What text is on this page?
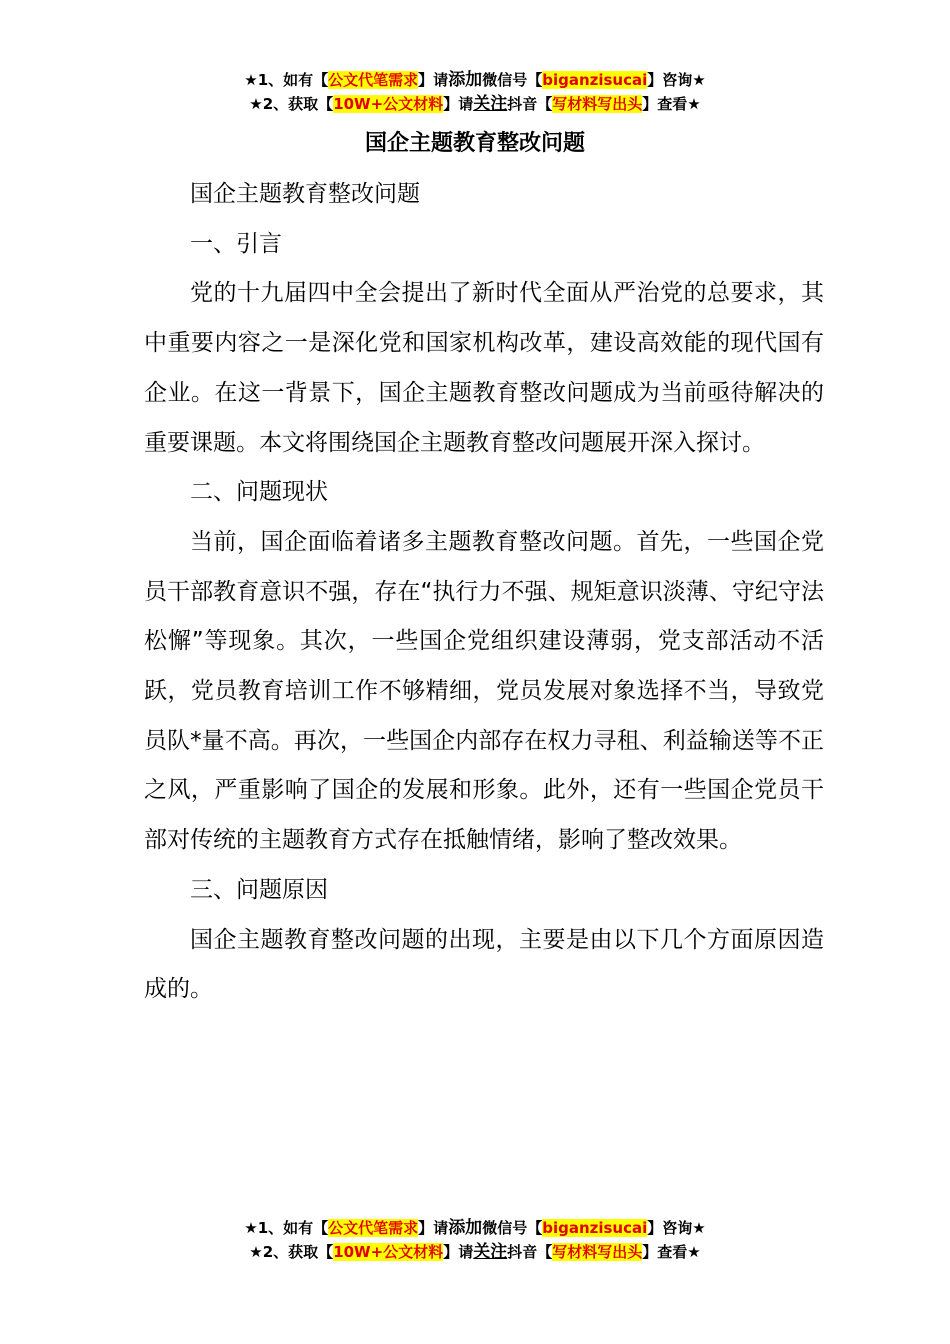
★1、如有【公文代笔需求】请添加微信号【biganzisucai】咨询★
★2、获取【10W+公文材料】请关注抖音【写材料写出头】查看★
国企主题教育整改问题

国企主题教育整改问题

一、引言

党的十九届四中全会提出了新时代全面从严治党的总要求，其中重要内容之一是深化党和国家机构改革，建设高效能的现代国有企业。在这一背景下，国企主题教育整改问题成为当前亟待解决的重要课题。本文将围绕国企主题教育整改问题展开深入探讨。

二、问题现状

当前，国企面临着诸多主题教育整改问题。首先，一些国企党员干部教育意识不强，存在“执行力不强、规矩意识淡薄、守纪守法松懈”等现象。其次，一些国企党组织建设薄弱，党支部活动不活跃，党员教育培训工作不够精细，党员发展对象选择不当，导致党员队*量不高。再次，一些国企内部存在权力寻租、利益输送等不正之风，严重影响了国企的发展和形象。此外，还有一些国企党员干部对传统的主题教育方式存在抵触情绪，影响了整改效果。

三、问题原因

国企主题教育整改问题的出现，主要是由以下几个方面原因造成的。

★1、如有【公文代笔需求】请添加微信号【biganzisucai】咨询★
★2、获取【10W+公文材料】请关注抖音【写材料写出头】查看★
